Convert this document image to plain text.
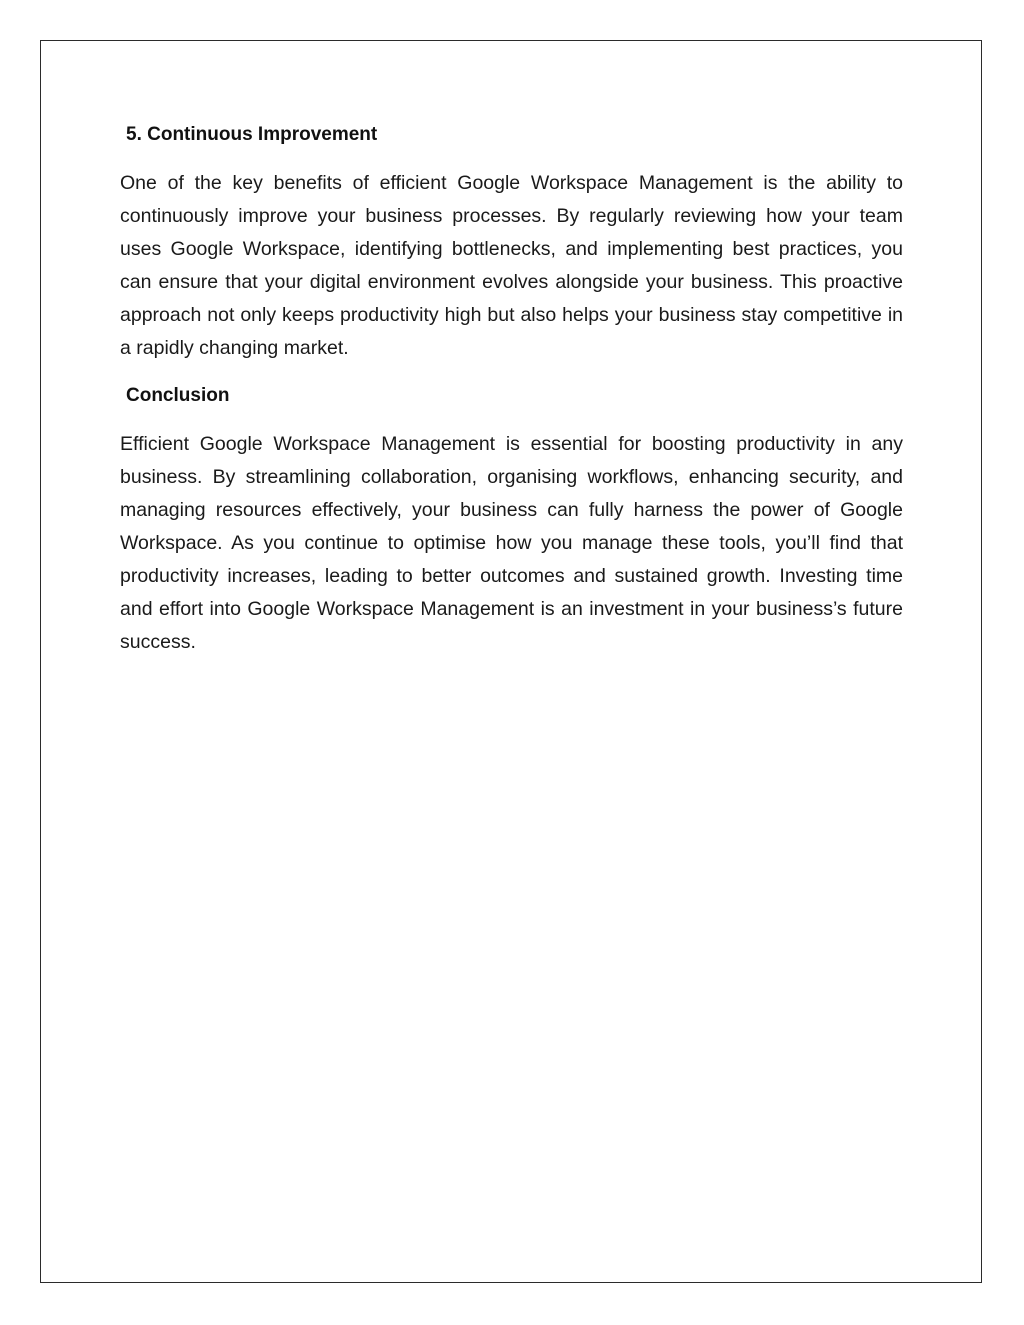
5. Continuous Improvement

One of the key benefits of efficient Google Workspace Management is the ability to continuously improve your business processes. By regularly reviewing how your team uses Google Workspace, identifying bottlenecks, and implementing best practices, you can ensure that your digital environment evolves alongside your business. This proactive approach not only keeps productivity high but also helps your business stay competitive in a rapidly changing market.

Conclusion

Efficient Google Workspace Management is essential for boosting productivity in any business. By streamlining collaboration, organising workflows, enhancing security, and managing resources effectively, your business can fully harness the power of Google Workspace. As you continue to optimise how you manage these tools, you’ll find that productivity increases, leading to better outcomes and sustained growth. Investing time and effort into Google Workspace Management is an investment in your business’s future success.
